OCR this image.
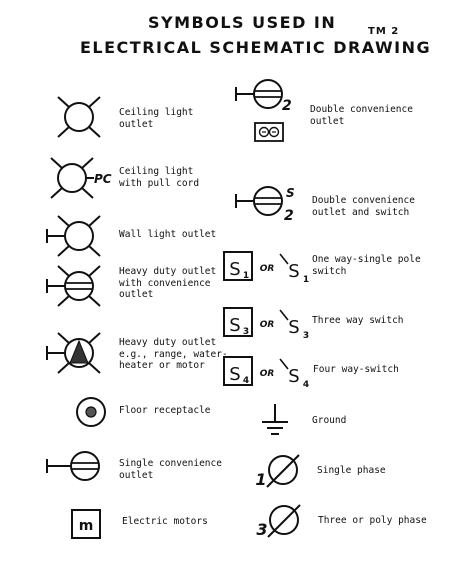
SYMBOLS USED IN
ELECTRICAL SCHEMATIC DRAWING
TM 2
Ceiling light
outlet
PC
Ceiling light
with pull cord
Wall light outlet
Heavy duty outlet
with convenience
outlet
Heavy duty outlet
e.g., range, water-
heater or motor
Floor receptacle
Single convenience
outlet
m	Electric motors
2 Double convenience
outlet
S
2
Double convenience
outlet and switch
S 1
OR S 1
One way-single pole
switch
S 3
OR S 3
Three way switch
S 4
OR S 4
Four way-switch
Ground
1	Single phase
3	Three or poly phase
